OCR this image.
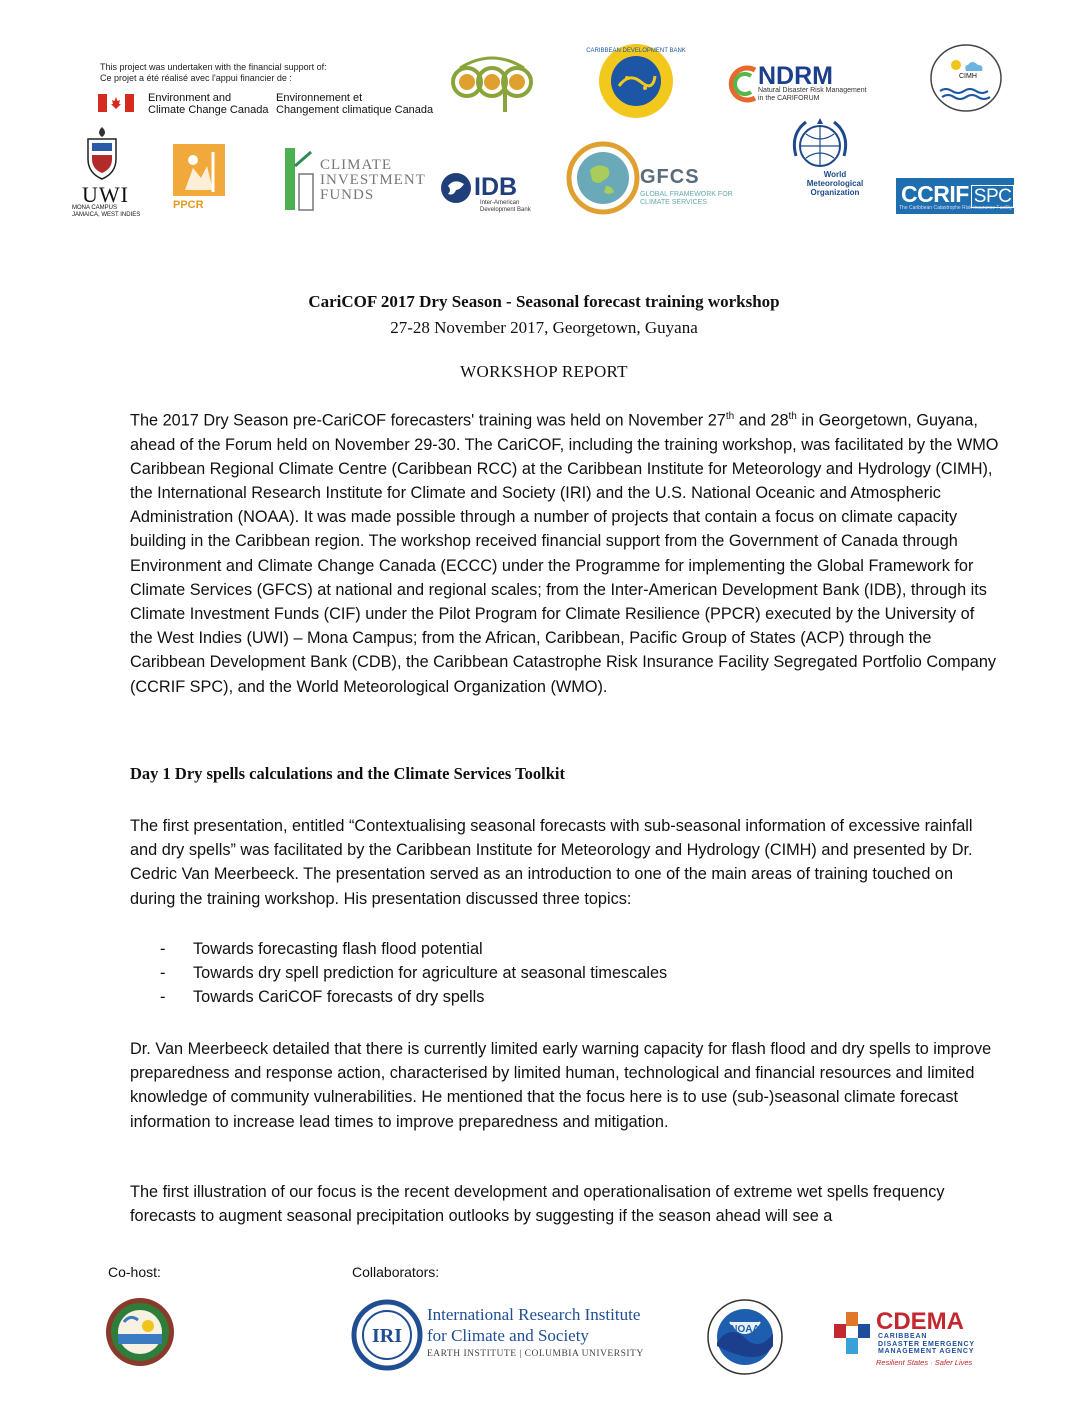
This project was undertaken with the financial support of:
Ce projet a été réalisé avec l'appui financier de :
Environment and
Climate Change Canada
Environnement et
Changement climatique Canada
CARIBBEAN DEVELOPMENT BANK
NDRM
Natural Disaster Risk Management
in the CARIFORUM
CIMH
UWI
MONA CAMPUS JAMAICA, WEST INDIES
PPCR
CLIMATE
INVESTMENT
FUNDS	IDB
Inter-American
Development Bank
GFCS
GLOBAL FRAMEWORK FOR
CLIMATE SERVICES
World
Meteorological
Organization	CCRIF SPC
The Caribbean Catastrophe Risk Insurance Facility
CariCOF 2017 Dry Season - Seasonal forecast training workshop
27-28 November 2017, Georgetown, Guyana
WORKSHOP REPORT

The 2017 Dry Season pre-CariCOF forecasters' training was held on November 27th and 28th in Georgetown, Guyana, ahead of the Forum held on November 29-30. The CariCOF, including the training workshop, was facilitated by the WMO Caribbean Regional Climate Centre (Caribbean RCC) at the Caribbean Institute for Meteorology and Hydrology (CIMH), the International Research Institute for Climate and Society (IRI) and the U.S. National Oceanic and Atmospheric Administration (NOAA). It was made possible through a number of projects that contain a focus on climate capacity building in the Caribbean region. The workshop received financial support from the Government of Canada through Environment and Climate Change Canada (ECCC) under the Programme for implementing the Global Framework for Climate Services (GFCS) at national and regional scales; from the Inter-American Development Bank (IDB), through its Climate Investment Funds (CIF) under the Pilot Program for Climate Resilience (PPCR) executed by the University of the West Indies (UWI) – Mona Campus; from the African, Caribbean, Pacific Group of States (ACP) through the Caribbean Development Bank (CDB), the Caribbean Catastrophe Risk Insurance Facility Segregated Portfolio Company (CCRIF SPC), and the World Meteorological Organization (WMO).

Day 1 Dry spells calculations and the Climate Services Toolkit

The first presentation, entitled “Contextualising seasonal forecasts with sub-seasonal information of excessive rainfall and dry spells” was facilitated by the Caribbean Institute for Meteorology and Hydrology (CIMH) and presented by Dr. Cedric Van Meerbeeck. The presentation served as an introduction to one of the main areas of training touched on during the training workshop. His presentation discussed three topics:

- Towards forecasting flash flood potential
- Towards dry spell prediction for agriculture at seasonal timescales
- Towards CariCOF forecasts of dry spells

Dr. Van Meerbeeck detailed that there is currently limited early warning capacity for flash flood and dry spells to improve preparedness and response action, characterised by limited human, technological and financial resources and limited knowledge of community vulnerabilities. He mentioned that the focus here is to use (sub-)seasonal climate forecast information to increase lead times to improve preparedness and mitigation.

The first illustration of our focus is the recent development and operationalisation of extreme wet spells frequency forecasts to augment seasonal precipitation outlooks by suggesting if the season ahead will see a

Co-host:	Collaborators:
IRI
International Research Institute
for Climate and Society
EARTH INSTITUTE | COLUMBIA UNIVERSITY
NOAA	CDEMA
CARIBBEAN
DISASTER EMERGENCY
MANAGEMENT AGENCY
Resilient States · Safer Lives
